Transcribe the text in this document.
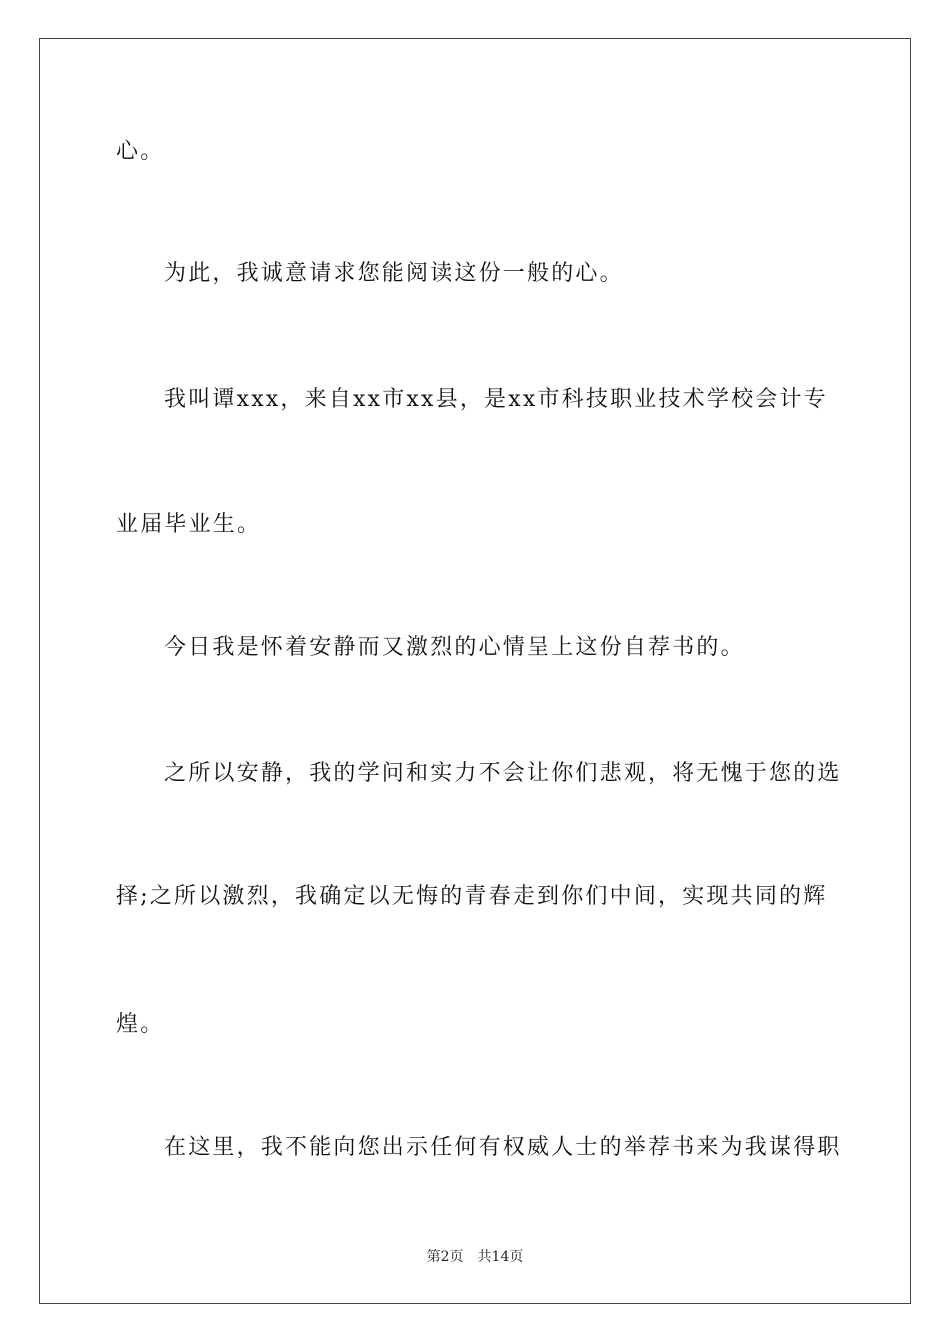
心。
为此，我诚意请求您能阅读这份一般的心。
我叫谭xxx，来自xx市xx县，是xx市科技职业技术学校会计专
业届毕业生。
今日我是怀着安静而又激烈的心情呈上这份自荐书的。
之所以安静，我的学问和实力不会让你们悲观，将无愧于您的选
择;之所以激烈，我确定以无悔的青春走到你们中间，实现共同的辉
煌。
在这里，我不能向您出示任何有权威人士的举荐书来为我谋得职
第2页 共14页
